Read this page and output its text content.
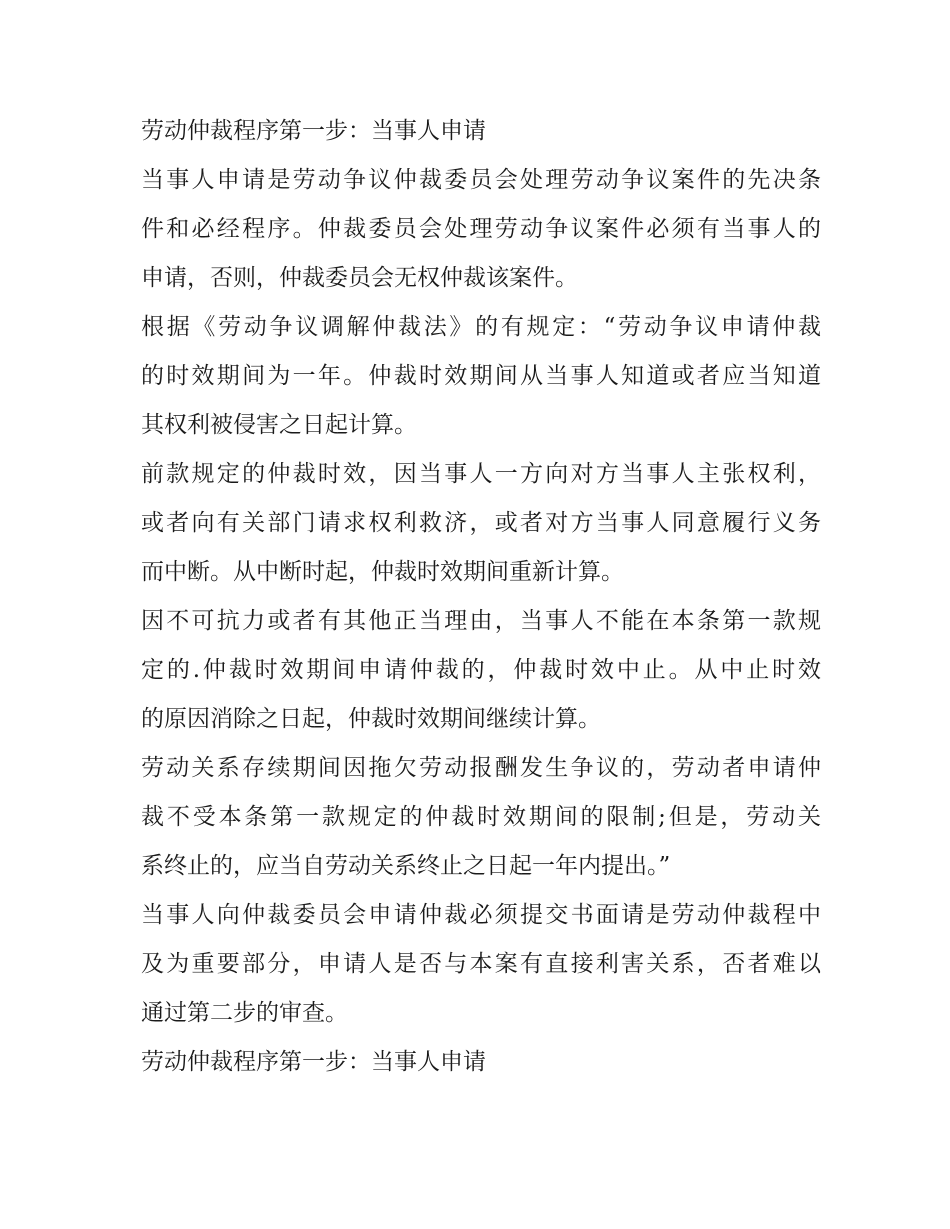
劳动仲裁程序第一步：当事人申请
当事人申请是劳动争议仲裁委员会处理劳动争议案件的先决条
件和必经程序。仲裁委员会处理劳动争议案件必须有当事人的
申请，否则，仲裁委员会无权仲裁该案件。
根据《劳动争议调解仲裁法》的有规定：“劳动争议申请仲裁
的时效期间为一年。仲裁时效期间从当事人知道或者应当知道
其权利被侵害之日起计算。
前款规定的仲裁时效，因当事人一方向对方当事人主张权利，
或者向有关部门请求权利救济，或者对方当事人同意履行义务
而中断。从中断时起，仲裁时效期间重新计算。
因不可抗力或者有其他正当理由，当事人不能在本条第一款规
定的.仲裁时效期间申请仲裁的，仲裁时效中止。从中止时效
的原因消除之日起，仲裁时效期间继续计算。
劳动关系存续期间因拖欠劳动报酬发生争议的，劳动者申请仲
裁不受本条第一款规定的仲裁时效期间的限制;但是，劳动关
系终止的，应当自劳动关系终止之日起一年内提出。”
当事人向仲裁委员会申请仲裁必须提交书面请是劳动仲裁程中
及为重要部分，申请人是否与本案有直接利害关系，否者难以
通过第二步的审查。
劳动仲裁程序第一步：当事人申请
